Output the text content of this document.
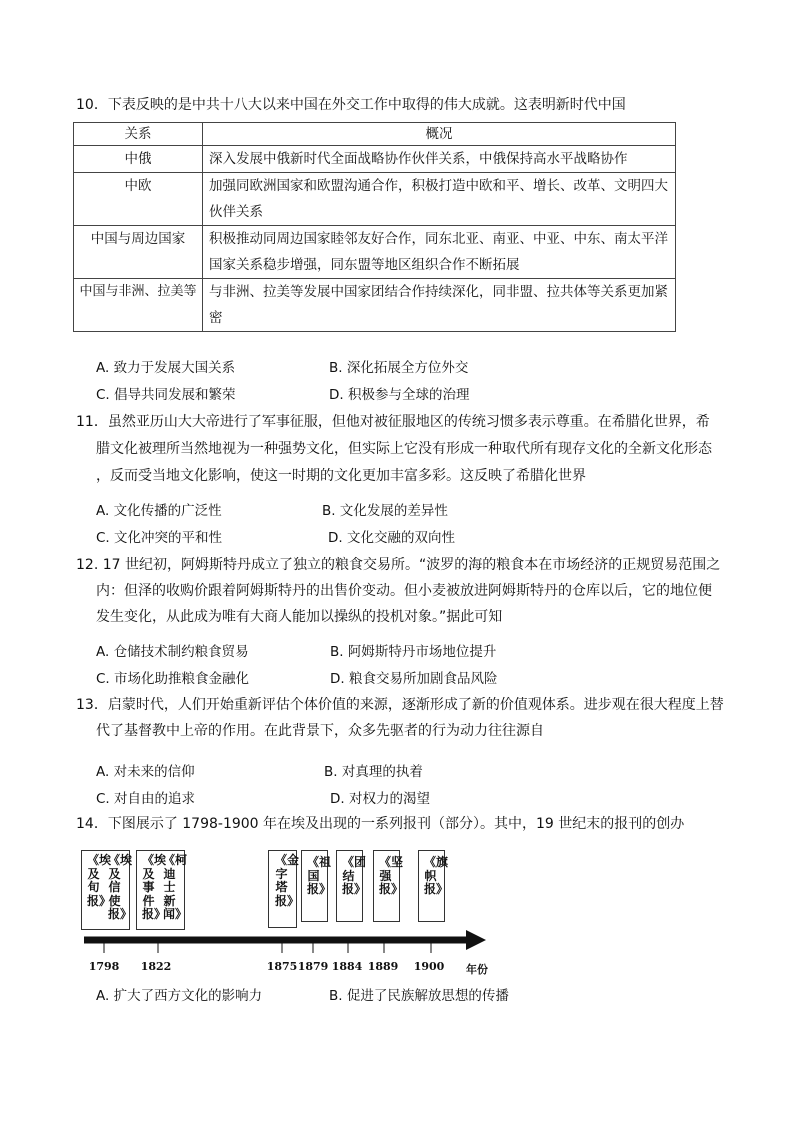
10．下表反映的是中共十八大以来中国在外交工作中取得的伟大成就。这表明新时代中国
关系	概况
中俄	深入发展中俄新时代全面战略协作伙伴关系，中俄保持高水平战略协作
中欧	加强同欧洲国家和欧盟沟通合作，积极打造中欧和平、增长、改革、文明四大伙伴关系
中国与周边国家	积极推动同周边国家睦邻友好合作，同东北亚、南亚、中亚、中东、南太平洋国家关系稳步增强，同东盟等地区组织合作不断拓展
中国与非洲、拉美等	与非洲、拉美等发展中国家团结合作持续深化，同非盟、拉共体等关系更加紧密
A. 致力于发展大国关系	B. 深化拓展全方位外交
C. 倡导共同发展和繁荣	D. 积极参与全球的治理
11．虽然亚历山大大帝进行了军事征服，但他对被征服地区的传统习惯多表示尊重。在希腊化世界，希
腊文化被理所当然地视为一种强势文化，但实际上它没有形成一种取代所有现存文化的全新文化形态
，反而受当地文化影响，使这一时期的文化更加丰富多彩。这反映了希腊化世界
A. 文化传播的广泛性	B. 文化发展的差异性
C. 文化冲突的平和性	D. 文化交融的双向性
12. 17 世纪初，阿姆斯特丹成立了独立的粮食交易所。“波罗的海的粮食本在市场经济的正规贸易范围之
内：但泽的收购价跟着阿姆斯特丹的出售价变动。但小麦被放进阿姆斯特丹的仓库以后，它的地位便
发生变化，从此成为唯有大商人能加以操纵的投机对象。”据此可知
A. 仓储技术制约粮食贸易	B. 阿姆斯特丹市场地位提升
C. 市场化助推粮食金融化	D. 粮食交易所加剧食品风险
13．启蒙时代，人们开始重新评估个体价值的来源，逐渐形成了新的价值观体系。进步观在很大程度上替
代了基督教中上帝的作用。在此背景下，众多先驱者的行为动力往往源自
A. 对未来的信仰	B. 对真理的执着
C. 对自由的追求	D. 对权力的渴望
14．下图展示了 1798-1900 年在埃及出现的一系列报刊（部分）。其中，19 世纪末的报刊的创办
《埃及旬报》
《埃及信使报》
《埃及事件报》
《柯迪士新闻》
《金字塔报》
《祖国报》
《团结报》
《坚强报》
《旗帜报》
1798 1822	1875 1879 1884 1889 1900 年份
A. 扩大了西方文化的影响力	B. 促进了民族解放思想的传播
